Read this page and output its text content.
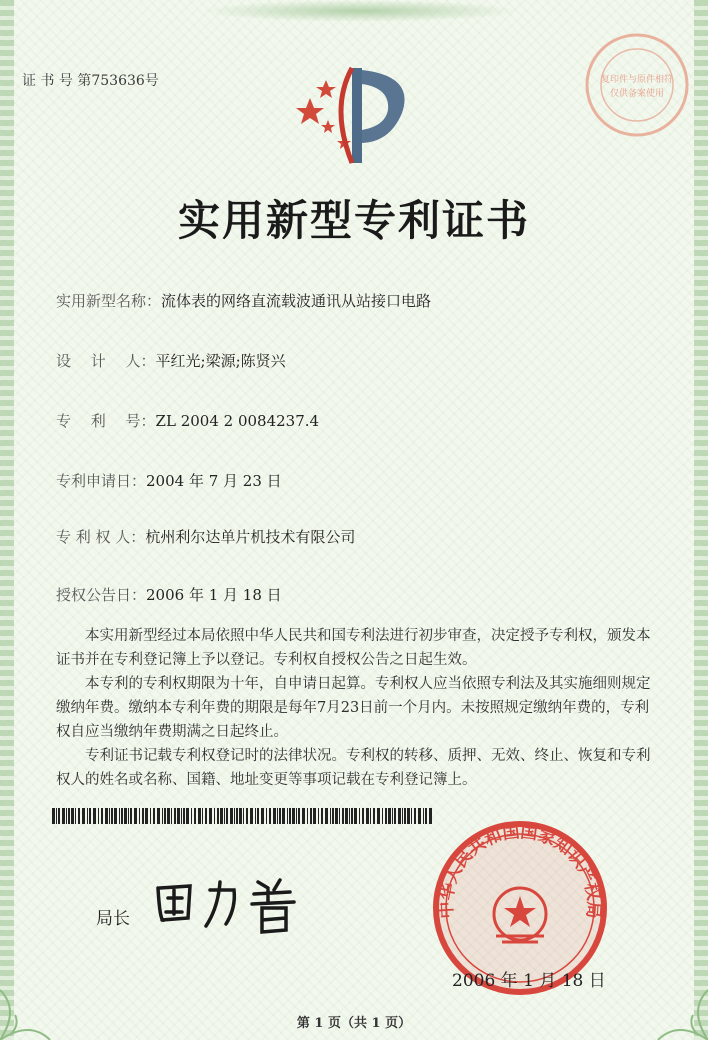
证 书 号 第753636号	复印件与原件相符
仅供备案使用
实用新型专利证书
实用新型名称：流体表的网络直流载波通讯从站接口电路
设　 计　 人：平红光;梁源;陈贤兴
专　 利　 号：ZL 2004 2 0084237.4
专利申请日：2004 年 7 月 23 日
专 利 权 人：杭州利尔达单片机技术有限公司
授权公告日：2006 年 1 月 18 日

本实用新型经过本局依照中华人民共和国专利法进行初步审查，决定授予专利权，颁发本证书并在专利登记簿上予以登记。专利权自授权公告之日起生效。

本专利的专利权期限为十年，自申请日起算。专利权人应当依照专利法及其实施细则规定缴纳年费。缴纳本专利年费的期限是每年7月23日前一个月内。未按照规定缴纳年费的，专利权自应当缴纳年费期满之日起终止。

专利证书记载专利权登记时的法律状况。专利权的转移、质押、无效、终止、恢复和专利权人的姓名或名称、国籍、地址变更等事项记载在专利登记簿上。

局长	中华人民共和国国家知识产权局
2006 年 1 月 18 日
第 1 页（共 1 页）
